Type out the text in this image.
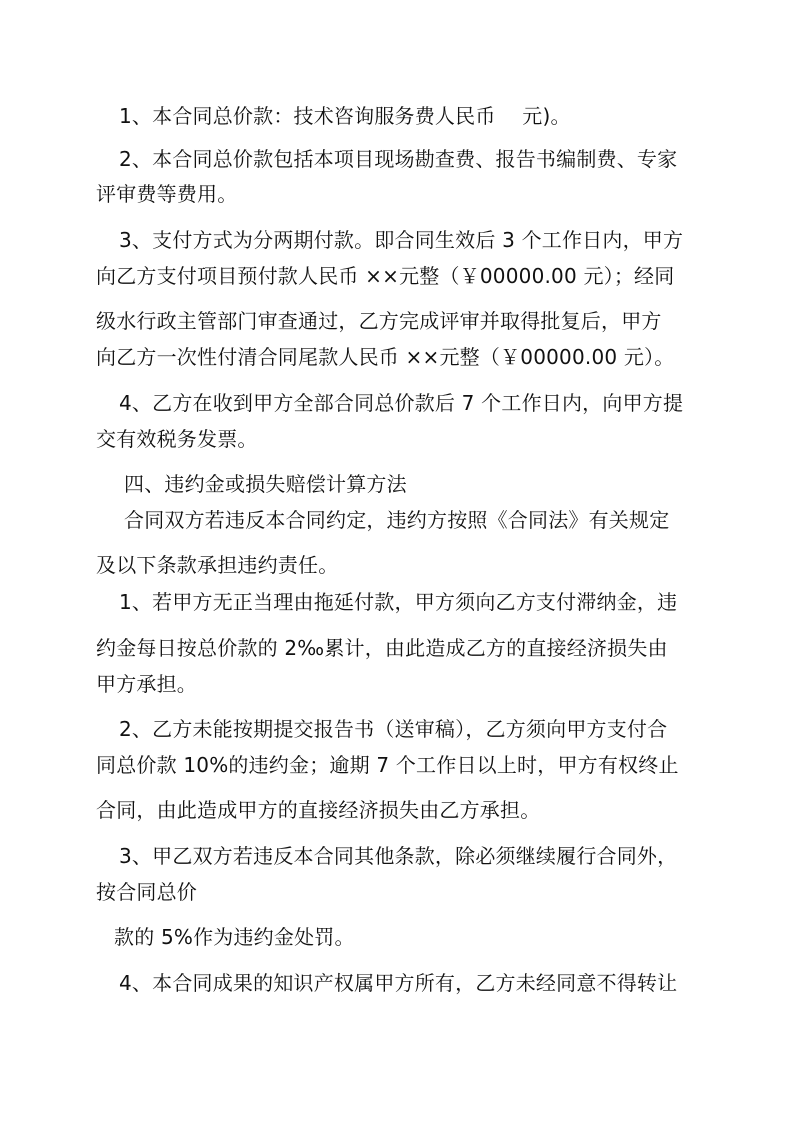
1、本合同总价款：技术咨询服务费人民币　 元)。
2、本合同总价款包括本项目现场勘查费、报告书编制费、专家
评审费等费用。
3、支付方式为分两期付款。即合同生效后 3 个工作日内，甲方
向乙方支付项目预付款人民币 ××元整（￥00000.00 元）；经同
级水行政主管部门审查通过，乙方完成评审并取得批复后，甲方
向乙方一次性付清合同尾款人民币 ××元整（￥00000.00 元）。
4、乙方在收到甲方全部合同总价款后 7 个工作日内，向甲方提
交有效税务发票。
四、违约金或损失赔偿计算方法
合同双方若违反本合同约定，违约方按照《合同法》有关规定
及以下条款承担违约责任。
1、若甲方无正当理由拖延付款，甲方须向乙方支付滞纳金，违
约金每日按总价款的 2‰累计，由此造成乙方的直接经济损失由
甲方承担。
2、乙方未能按期提交报告书（送审稿），乙方须向甲方支付合
同总价款 10%的违约金；逾期 7 个工作日以上时，甲方有权终止
合同，由此造成甲方的直接经济损失由乙方承担。
3、甲乙双方若违反本合同其他条款，除必须继续履行合同外，
按合同总价
款的 5%作为违约金处罚。
4、本合同成果的知识产权属甲方所有，乙方未经同意不得转让
